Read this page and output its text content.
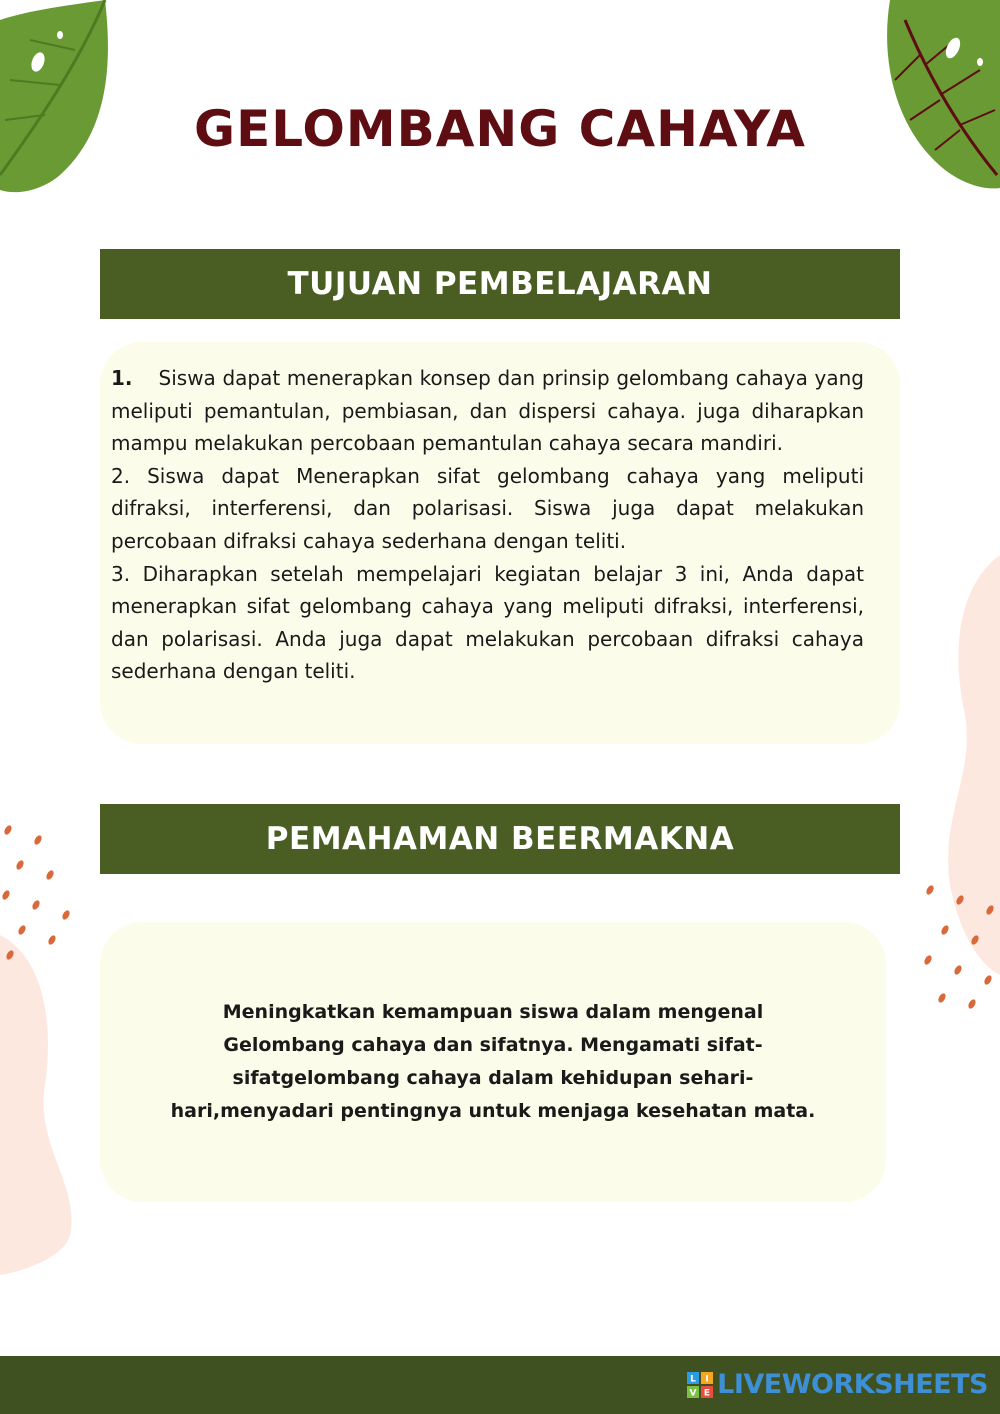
GELOMBANG CAHAYA
TUJUAN PEMBELAJARAN

1. Siswa dapat menerapkan konsep dan prinsip gelombang cahaya yang meliputi pemantulan, pembiasan, dan dispersi cahaya. juga diharapkan mampu melakukan percobaan pemantulan cahaya secara mandiri.

2. Siswa dapat Menerapkan sifat gelombang cahaya yang meliputi difraksi, interferensi, dan polarisasi. Siswa juga dapat melakukan percobaan difraksi cahaya sederhana dengan teliti.

3. Diharapkan setelah mempelajari kegiatan belajar 3 ini, Anda dapat menerapkan sifat gelombang cahaya yang meliputi difraksi, interferensi, dan polarisasi. Anda juga dapat melakukan percobaan difraksi cahaya sederhana dengan teliti.

PEMAHAMAN BEERMAKNA

Meningkatkan kemampuan siswa dalam mengenal Gelombang cahaya dan sifatnya. Mengamati sifat-sifatgelombang cahaya dalam kehidupan sehari-hari,menyadari pentingnya untuk menjaga kesehatan mata.

L I
V E LIVEWORKSHEETS
